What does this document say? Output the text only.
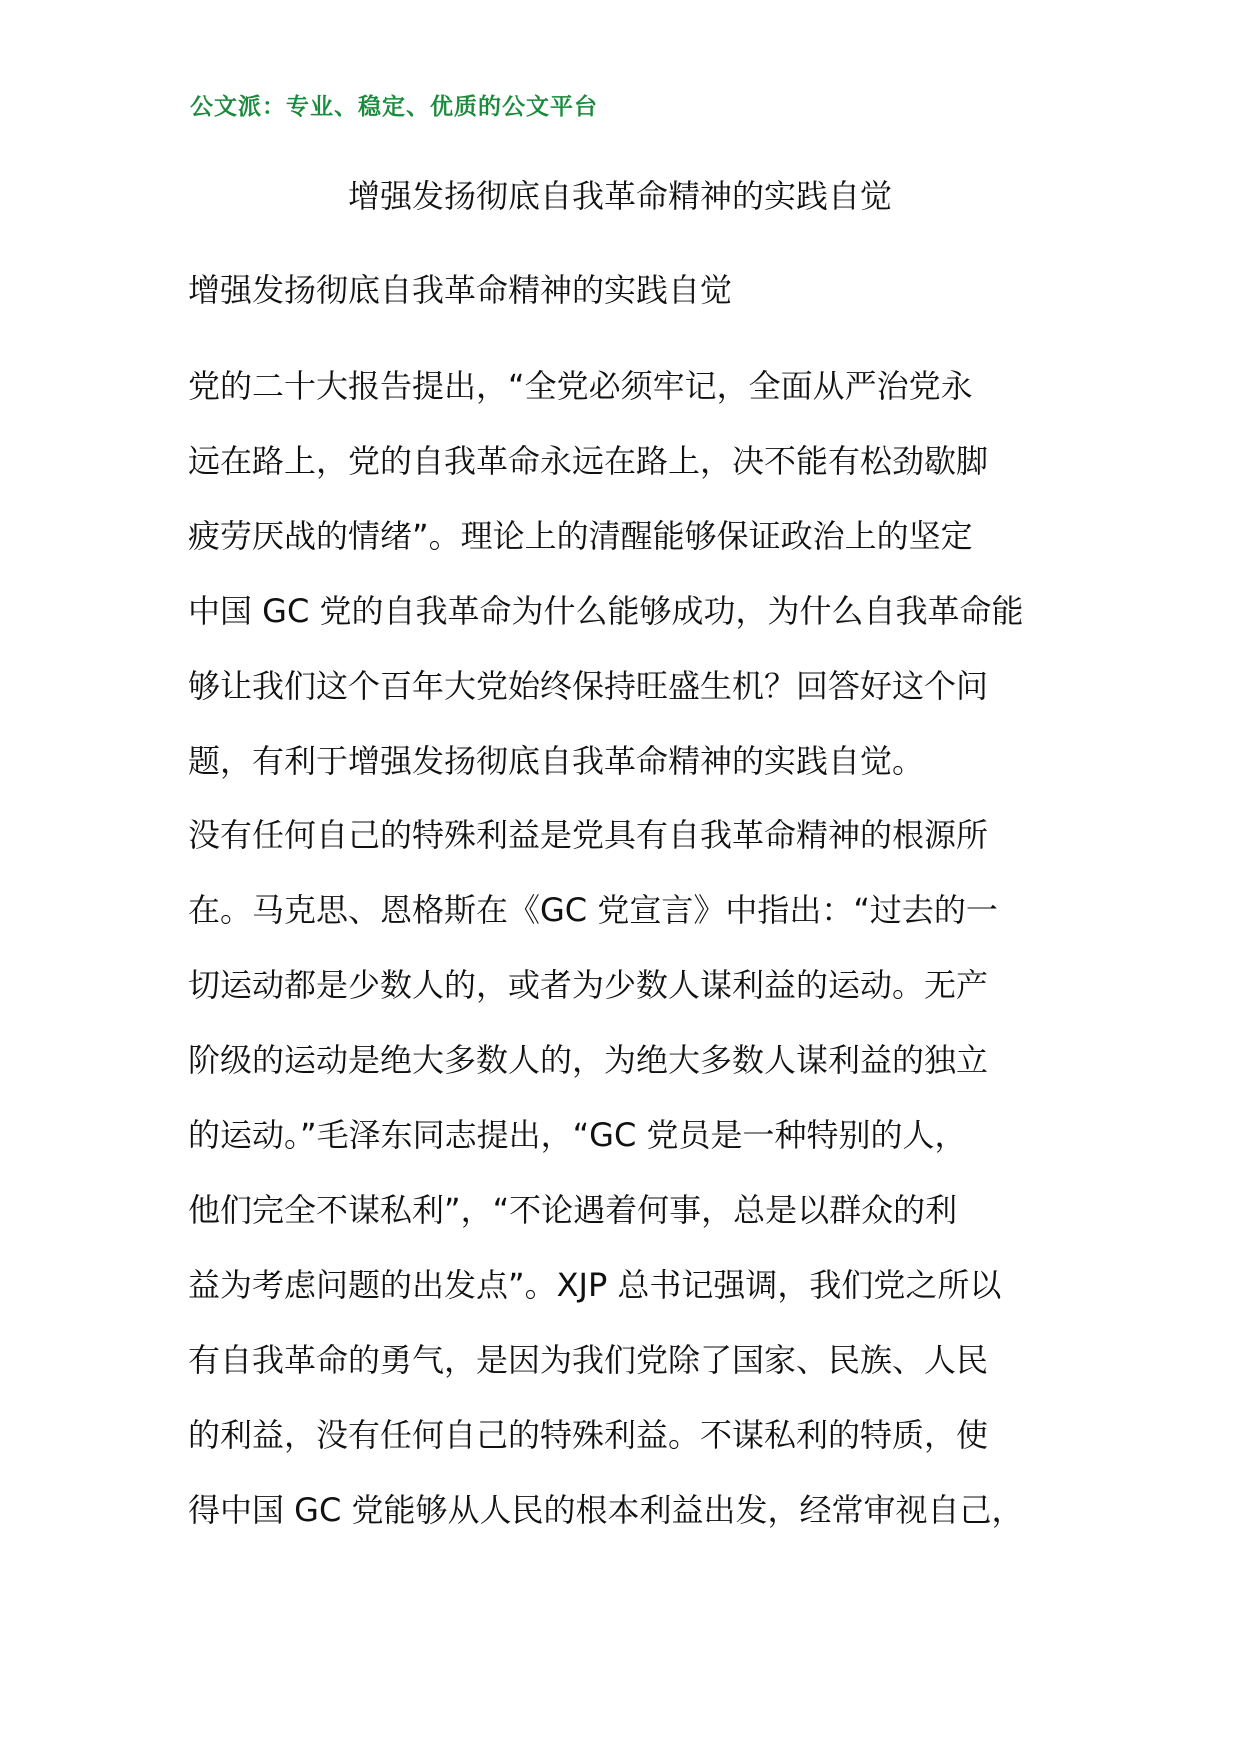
公文派：专业、稳定、优质的公文平台
增强发扬彻底自我革命精神的实践自觉
增强发扬彻底自我革命精神的实践自觉
党的二十大报告提出，“全党必须牢记，全面从严治党永
远在路上，党的自我革命永远在路上，决不能有松劲歇脚
疲劳厌战的情绪”。理论上的清醒能够保证政治上的坚定
中国 GC 党的自我革命为什么能够成功，为什么自我革命能
够让我们这个百年大党始终保持旺盛生机？回答好这个问
题，有利于增强发扬彻底自我革命精神的实践自觉。
没有任何自己的特殊利益是党具有自我革命精神的根源所
在。马克思、恩格斯在《GC 党宣言》中指出：“过去的一
切运动都是少数人的，或者为少数人谋利益的运动。无产
阶级的运动是绝大多数人的，为绝大多数人谋利益的独立
的运动。”毛泽东同志提出，“GC 党员是一种特别的人，
他们完全不谋私利”，“不论遇着何事，总是以群众的利
益为考虑问题的出发点”。XJP 总书记强调，我们党之所以
有自我革命的勇气，是因为我们党除了国家、民族、人民
的利益，没有任何自己的特殊利益。不谋私利的特质，使
得中国 GC 党能够从人民的根本利益出发，经常审视自己，
